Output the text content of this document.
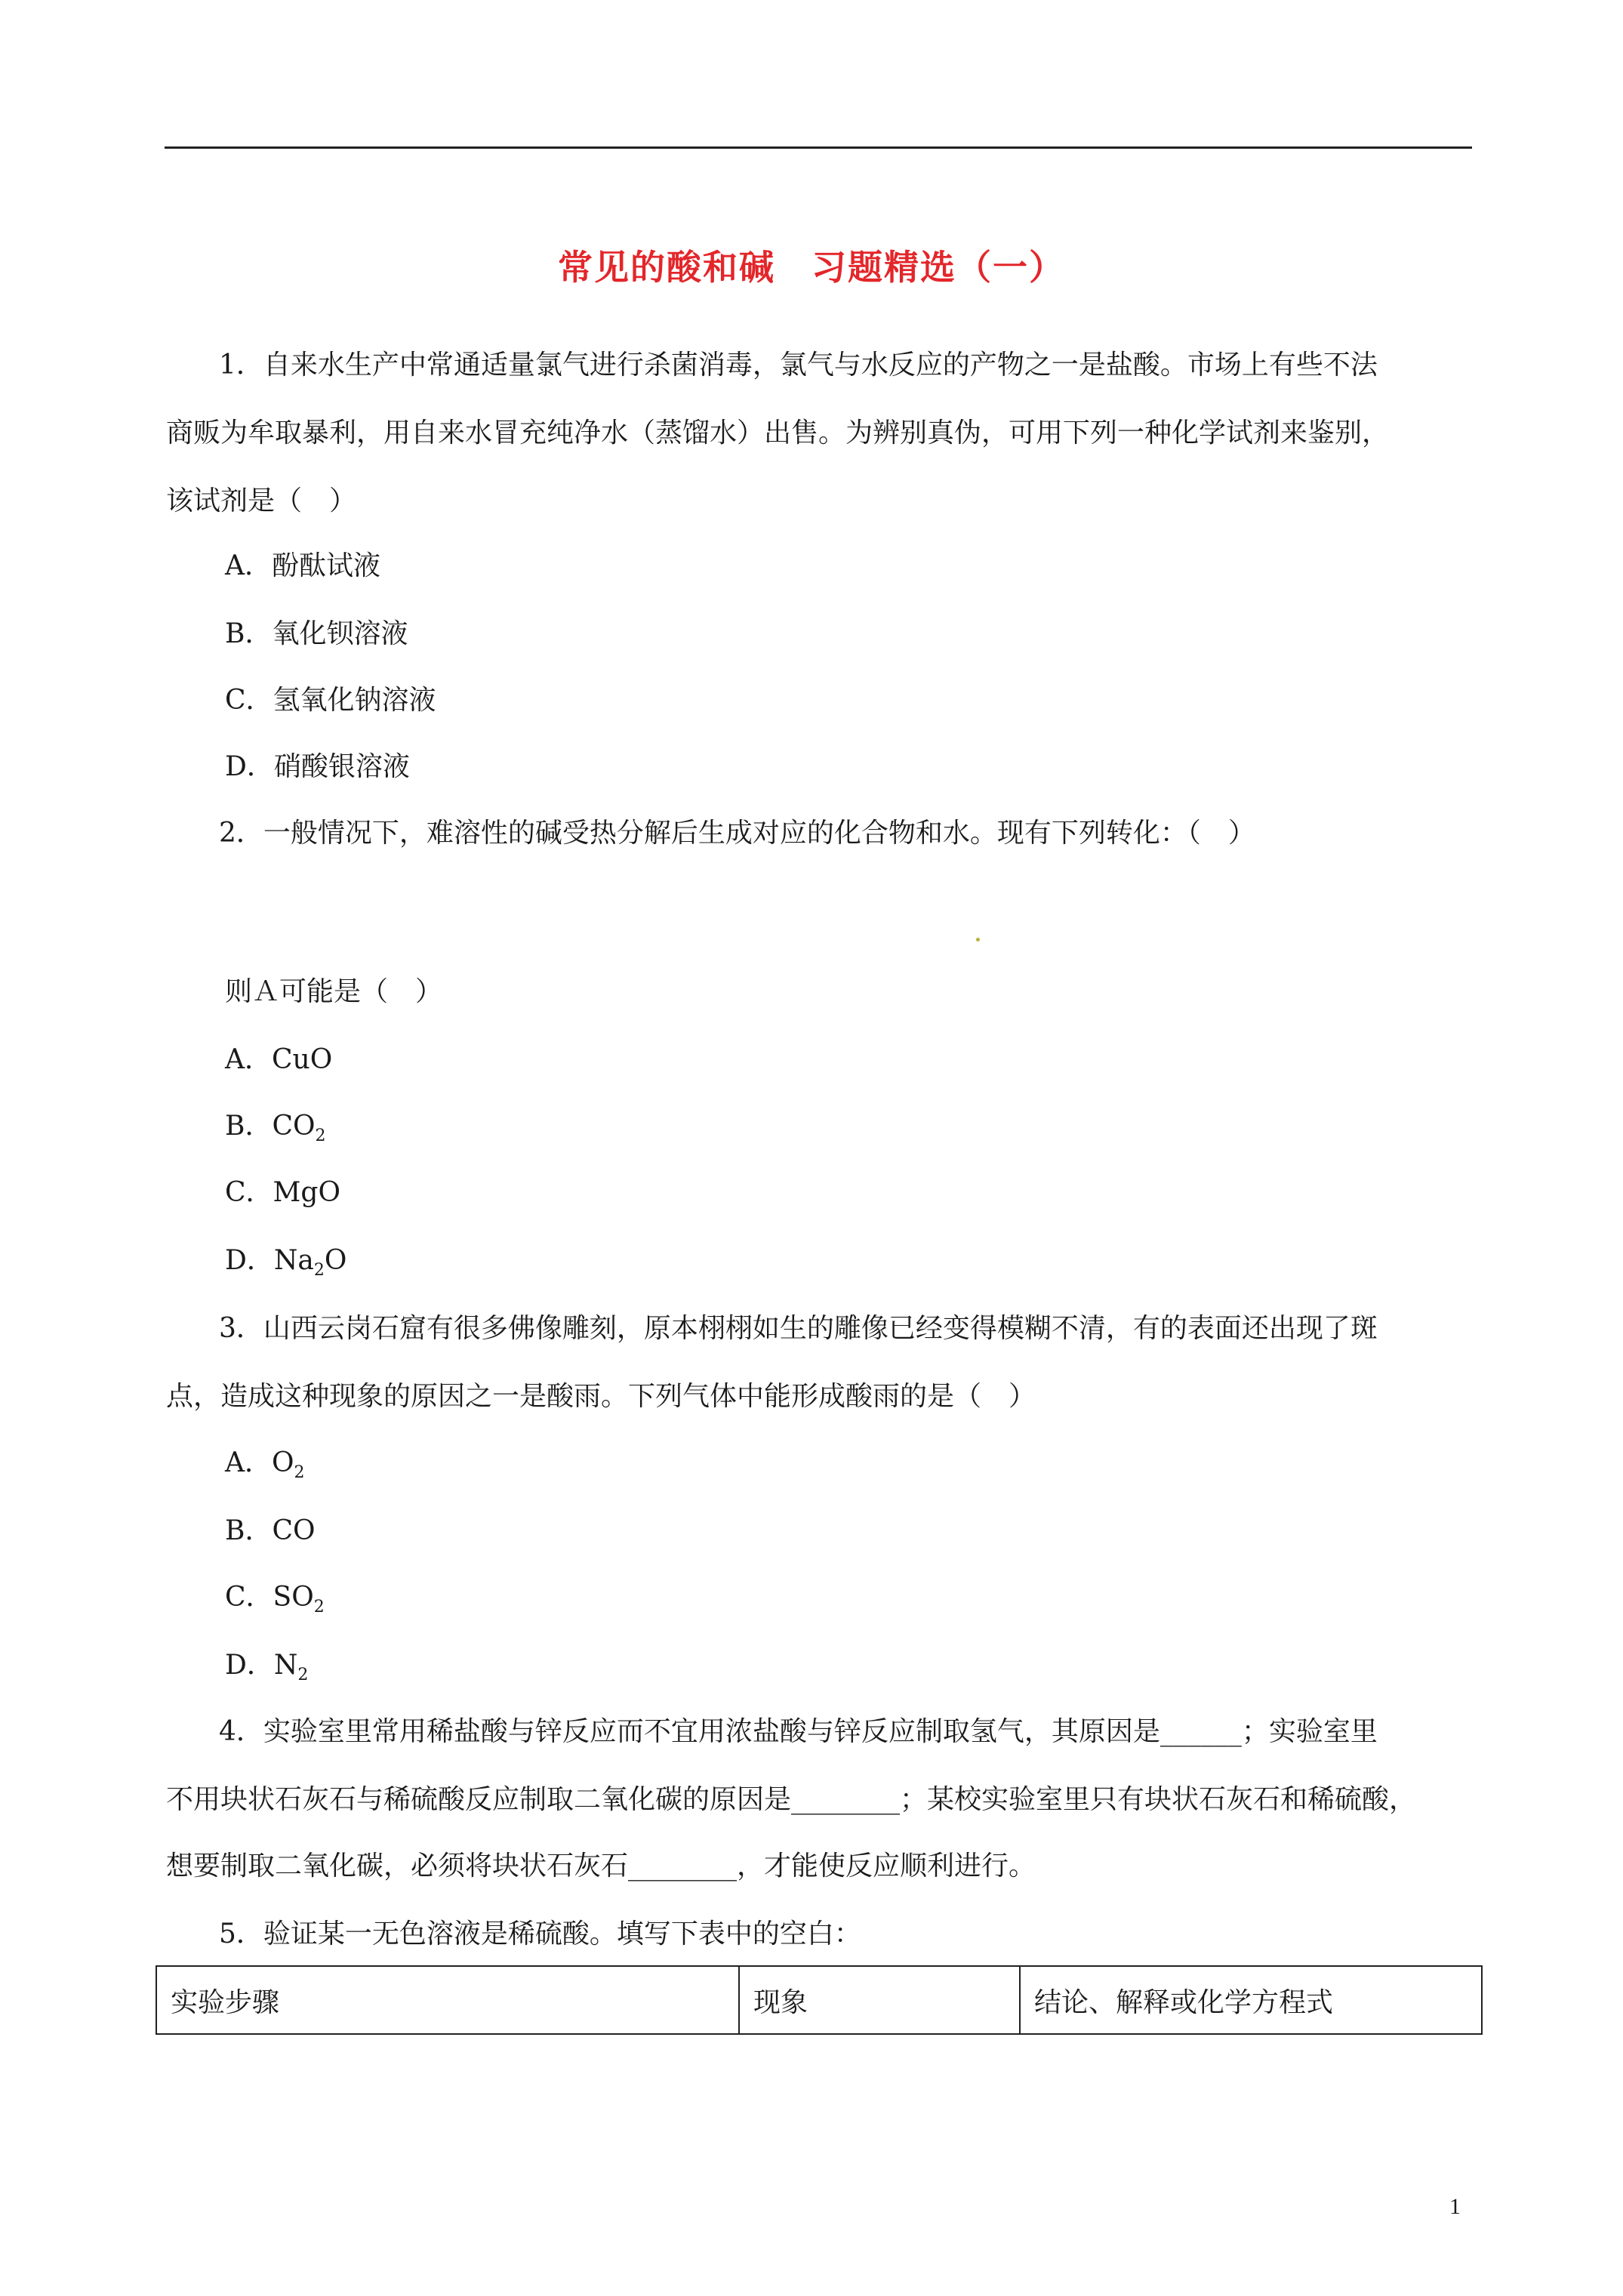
常见的酸和碱　习题精选（一）
1．自来水生产中常通适量氯气进行杀菌消毒，氯气与水反应的产物之一是盐酸。市场上有些不法
商贩为牟取暴利，用自来水冒充纯净水（蒸馏水）出售。为辨别真伪，可用下列一种化学试剂来鉴别，
该试剂是（　）
A．酚酞试液
B．氧化钡溶液
C．氢氧化钠溶液
D．硝酸银溶液
2．一般情况下，难溶性的碱受热分解后生成对应的化合物和水。现有下列转化：（　）
则Ａ可能是（　）
A．CuO
B．$CO_2$
C．MgO
D．$Na_2O$
3．山西云岗石窟有很多佛像雕刻，原本栩栩如生的雕像已经变得模糊不清，有的表面还出现了斑
点，造成这种现象的原因之一是酸雨。下列气体中能形成酸雨的是（　）
A．$O_2$
B．CO
C．$SO_2$
D．$N_2$
4．实验室里常用稀盐酸与锌反应而不宜用浓盐酸与锌反应制取氢气，其原因是______；实验室里
不用块状石灰石与稀硫酸反应制取二氧化碳的原因是________；某校实验室里只有块状石灰石和稀硫酸，
想要制取二氧化碳，必须将块状石灰石________，才能使反应顺利进行。
5．验证某一无色溶液是稀硫酸。填写下表中的空白：
实验步骤	现象	结论、解释或化学方程式
1
